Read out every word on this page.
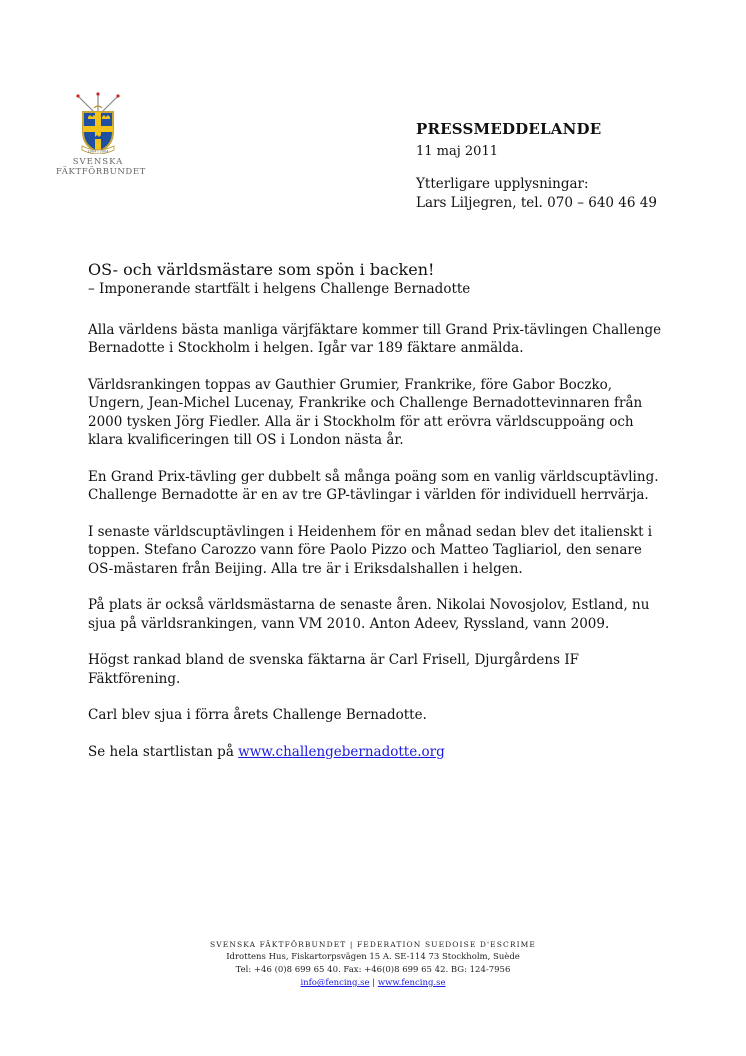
1904 | 2004
SVENSKA
FÄKTFÖRBUNDET
PRESSMEDDELANDE
11 maj 2011
Ytterligare upplysningar:
Lars Liljegren, tel. 070 – 640 46 49
OS- och världsmästare som spön i backen!
– Imponerande startfält i helgens Challenge Bernadotte

Alla världens bästa manliga värjfäktare kommer till Grand Prix-tävlingen Challenge Bernadotte i Stockholm i helgen. Igår var 189 fäktare anmälda.

Världsrankingen toppas av Gauthier Grumier, Frankrike, före Gabor Boczko, Ungern, Jean-Michel Lucenay, Frankrike och Challenge Bernadottevinnaren från 2000 tysken Jörg Fiedler. Alla är i Stockholm för att erövra världscuppoäng och klara kvalificeringen till OS i London nästa år.

En Grand Prix-tävling ger dubbelt så många poäng som en vanlig världscuptävling. Challenge Bernadotte är en av tre GP-tävlingar i världen för individuell herrvärja.

I senaste världscuptävlingen i Heidenhem för en månad sedan blev det italienskt i toppen. Stefano Carozzo vann före Paolo Pizzo och Matteo Tagliariol, den senare OS-mästaren från Beijing. Alla tre är i Eriksdalshallen i helgen.

På plats är också världsmästarna de senaste åren. Nikolai Novosjolov, Estland, nu sjua på världsrankingen, vann VM 2010. Anton Adeev, Ryssland, vann 2009.

Högst rankad bland de svenska fäktarna är Carl Frisell, Djurgårdens IF Fäktförening.

Carl blev sjua i förra årets Challenge Bernadotte.

Se hela startlistan på www.challengebernadotte.org

SVENSKA FÄKTFÖRBUNDET | FEDERATION SUEDOISE D'ESCRIME
Idrottens Hus, Fiskartorpsvägen 15 A. SE-114 73 Stockholm, Suède
Tel: +46 (0)8 699 65 40. Fax: +46(0)8 699 65 42. BG: 124-7956
info@fencing.se | www.fencing.se
